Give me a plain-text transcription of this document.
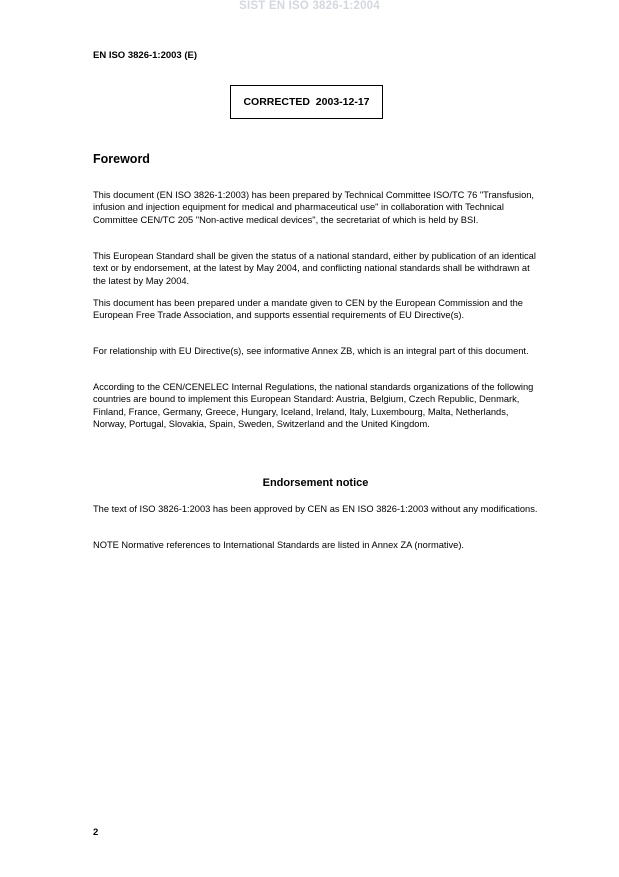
SIST EN ISO 3826-1:2004
EN ISO 3826-1:2003 (E)
CORRECTED  2003-12-17
Foreword

This document (EN ISO 3826-1:2003) has been prepared by Technical Committee ISO/TC 76 "Transfusion, infusion and injection equipment for medical and pharmaceutical use" in collaboration with Technical Committee CEN/TC 205 "Non-active medical devices", the secretariat of which is held by BSI.

This European Standard shall be given the status of a national standard, either by publication of an identical text or by endorsement, at the latest by May 2004, and conflicting national standards shall be withdrawn at the latest by May 2004.

This document has been prepared under a mandate given to CEN by the European Commission and the European Free Trade Association, and supports essential requirements of EU Directive(s).

For relationship with EU Directive(s), see informative Annex ZB, which is an integral part of this document.

According to the CEN/CENELEC Internal Regulations, the national standards organizations of the following countries are bound to implement this European Standard: Austria, Belgium, Czech Republic, Denmark, Finland, France, Germany, Greece, Hungary, Iceland, Ireland, Italy, Luxembourg, Malta, Netherlands, Norway, Portugal, Slovakia, Spain, Sweden, Switzerland and the United Kingdom.

Endorsement notice

The text of ISO 3826-1:2003 has been approved by CEN as EN ISO 3826-1:2003 without any modifications.

NOTE Normative references to International Standards are listed in Annex ZA (normative).

2
